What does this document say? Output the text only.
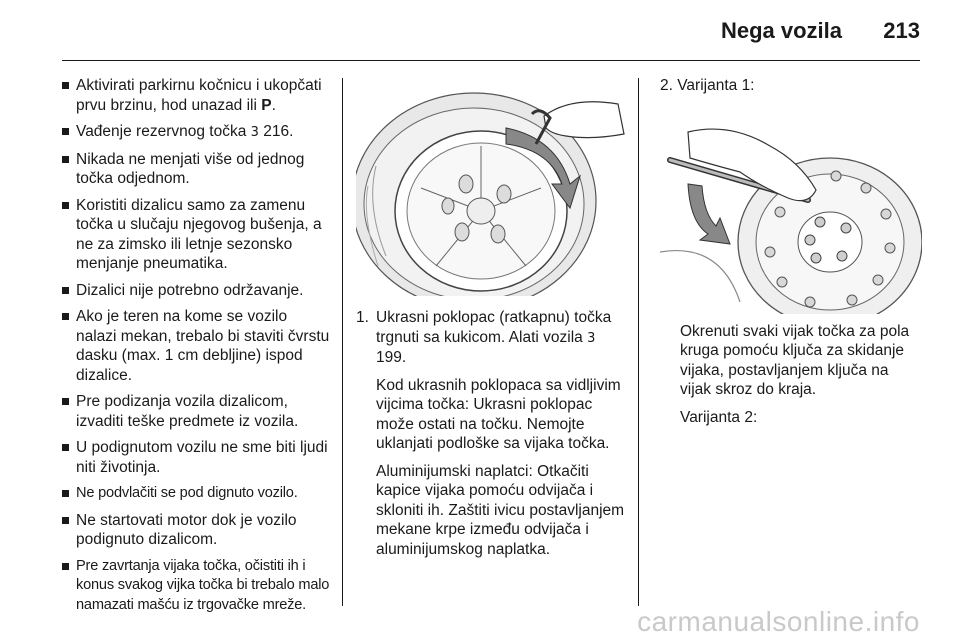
Nega vozila 213
Aktivirati parkirnu kočnicu i ukopčati prvu brzinu, hod unazad ili P.
Vađenje rezervnog točka 3 216.
Nikada ne menjati više od jednog točka odjednom.
Koristiti dizalicu samo za zamenu točka u slučaju njegovog bušenja, a ne za zimsko ili letnje sezonsko menjanje pneumatika.
Dizalici nije potrebno održavanje.
Ako je teren na kome se vozilo nalazi mekan, trebalo bi staviti čvrstu dasku (max. 1 cm debljine) ispod dizalice.
Pre podizanja vozila dizalicom, izvaditi teške predmete iz vozila.
U podignutom vozilu ne sme biti ljudi niti životinja.
Ne podvlačiti se pod dignuto vozilo.
Ne startovati motor dok je vozilo podignuto dizalicom.
Pre zavrtanja vijaka točka, očistiti ih i konus svakog vijka točka bi trebalo malo namazati mašću iz trgovačke mreže.
1. Ukrasni poklopac (ratkapnu) točka trgnuti sa kukicom. Alati vozila 3 199.

Kod ukrasnih poklopaca sa vidljivim vijcima točka: Ukrasni poklopac može ostati na točku. Nemojte uklanjati podloške sa vijaka točka.

Aluminijumski naplatci: Otkačiti kapice vijaka pomoću odvijača i skloniti ih. Zaštiti ivicu postavljanjem mekane krpe između odvijača i aluminijumskog naplatka.

2. Varijanta 1:

Okrenuti svaki vijak točka za pola kruga pomoću ključa za skidanje vijaka, postavljanjem ključa na vijak skroz do kraja.

Varijanta 2:

carmanualsonline.info
